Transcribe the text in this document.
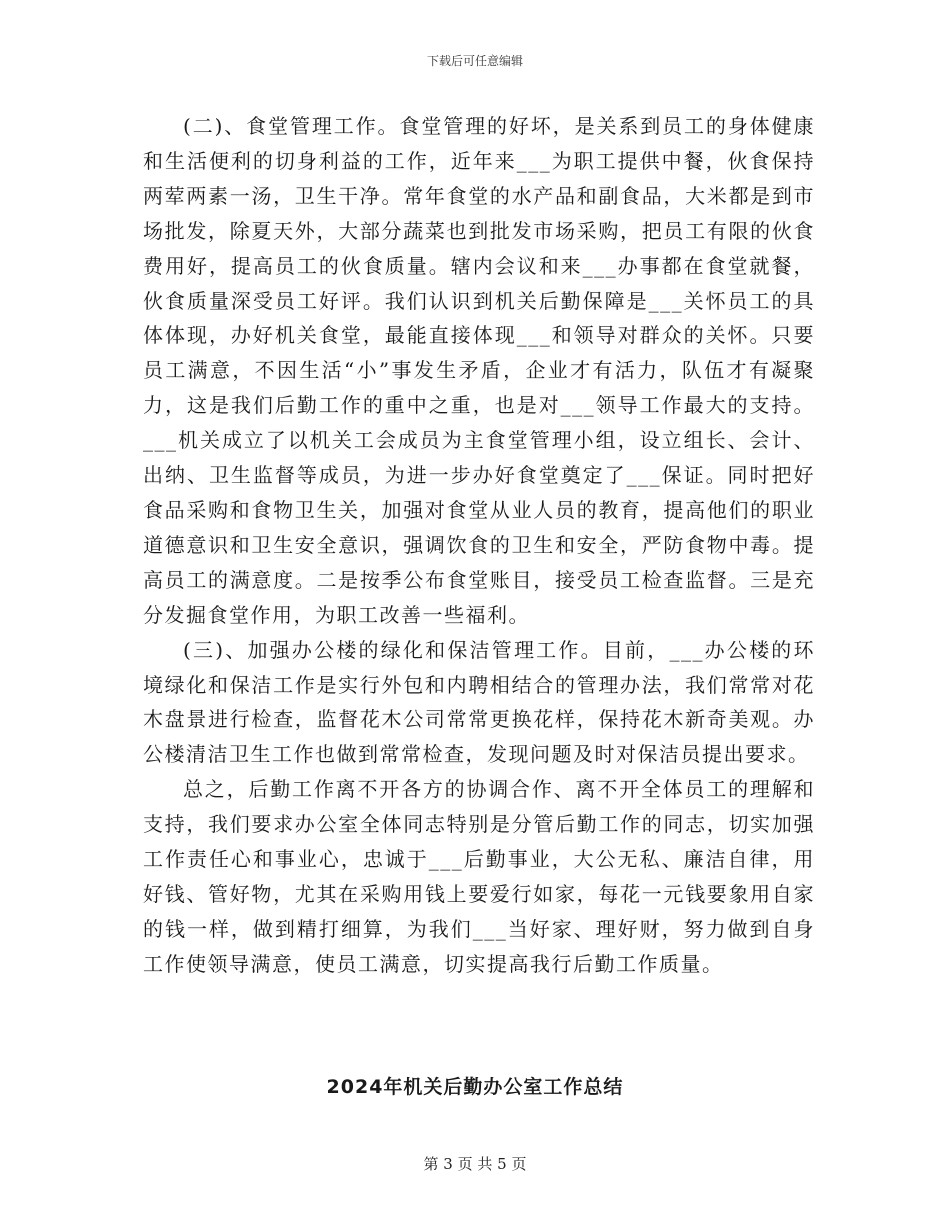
下载后可任意编辑

(二)、食堂管理工作。食堂管理的好坏，是关系到员工的身体健康和生活便利的切身利益的工作，近年来___为职工提供中餐，伙食保持两荤两素一汤，卫生干净。常年食堂的水产品和副食品，大米都是到市场批发，除夏天外，大部分蔬菜也到批发市场采购，把员工有限的伙食费用好，提高员工的伙食质量。辖内会议和来___办事都在食堂就餐，伙食质量深受员工好评。我们认识到机关后勤保障是___关怀员工的具体体现，办好机关食堂，最能直接体现___和领导对群众的关怀。只要员工满意，不因生活“小”事发生矛盾，企业才有活力，队伍才有凝聚力，这是我们后勤工作的重中之重，也是对___领导工作最大的支持。___机关成立了以机关工会成员为主食堂管理小组，设立组长、会计、出纳、卫生监督等成员，为进一步办好食堂奠定了___保证。同时把好食品采购和食物卫生关，加强对食堂从业人员的教育，提高他们的职业道德意识和卫生安全意识，强调饮食的卫生和安全，严防食物中毒。提高员工的满意度。二是按季公布食堂账目，接受员工检查监督。三是充分发掘食堂作用，为职工改善一些福利。

(三)、加强办公楼的绿化和保洁管理工作。目前，___办公楼的环境绿化和保洁工作是实行外包和内聘相结合的管理办法，我们常常对花木盘景进行检查，监督花木公司常常更换花样，保持花木新奇美观。办公楼清洁卫生工作也做到常常检查，发现问题及时对保洁员提出要求。

总之，后勤工作离不开各方的协调合作、离不开全体员工的理解和支持，我们要求办公室全体同志特别是分管后勤工作的同志，切实加强工作责任心和事业心，忠诚于___后勤事业，大公无私、廉洁自律，用好钱、管好物，尤其在采购用钱上要爱行如家，每花一元钱要象用自家的钱一样，做到精打细算，为我们___当好家、理好财，努力做到自身工作使领导满意，使员工满意，切实提高我行后勤工作质量。

2024年机关后勤办公室工作总结
第 3 页 共 5 页
